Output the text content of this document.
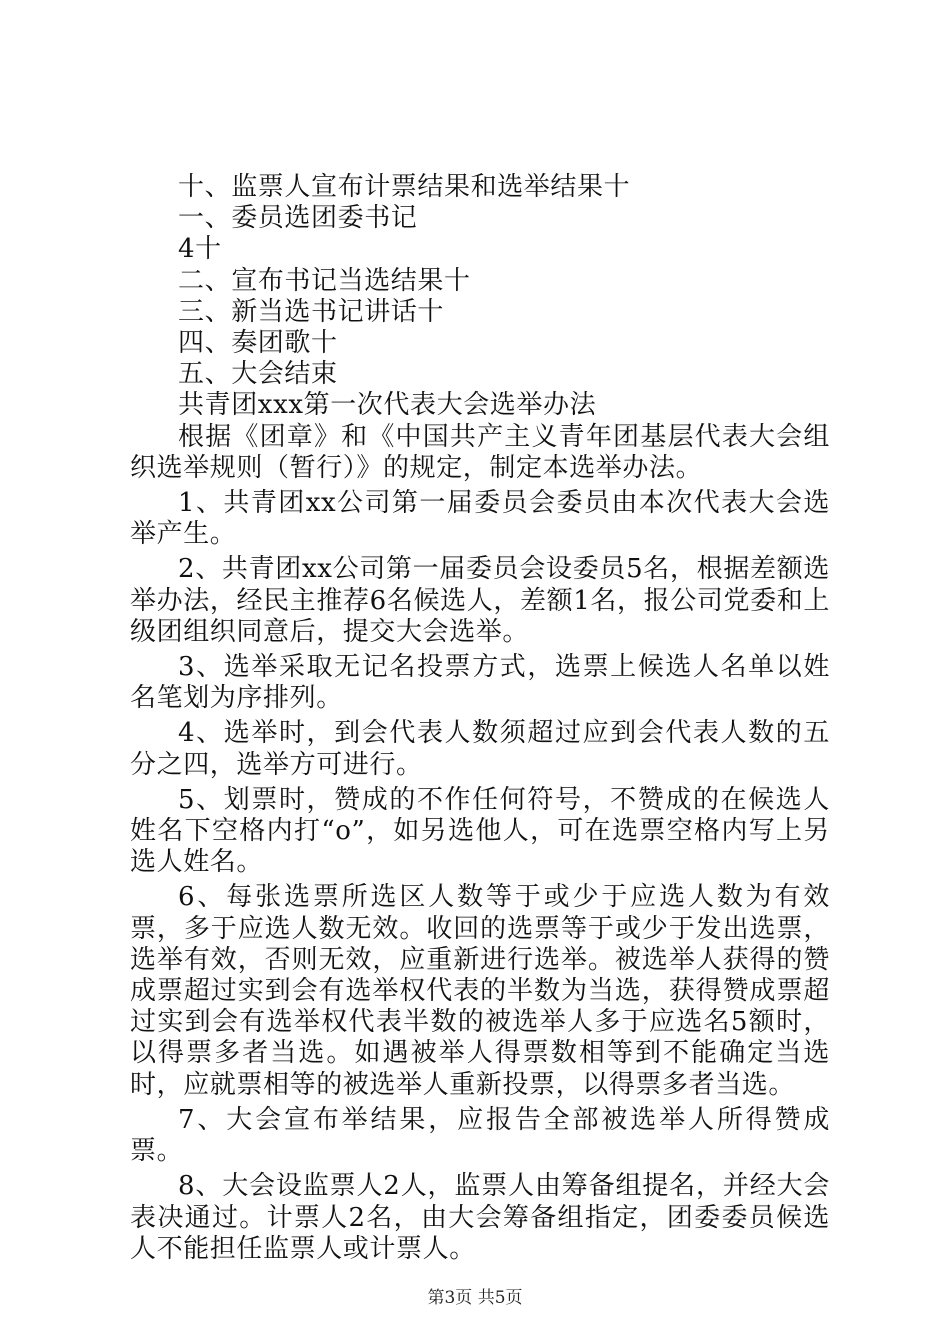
十、监票人宣布计票结果和选举结果十
一、委员选团委书记
4十
二、宣布书记当选结果十
三、新当选书记讲话十
四、奏团歌十
五、大会结束
共青团xxx第一次代表大会选举办法
根据《团章》和《中国共产主义青年团基层代表大会组织选举规则（暂行）》的规定，制定本选举办法。
1、共青团xx公司第一届委员会委员由本次代表大会选举产生。
2、共青团xx公司第一届委员会设委员5名，根据差额选举办法，经民主推荐6名候选人，差额1名，报公司党委和上级团组织同意后，提交大会选举。
3、选举采取无记名投票方式，选票上候选人名单以姓名笔划为序排列。
4、选举时，到会代表人数须超过应到会代表人数的五分之四，选举方可进行。
5、划票时，赞成的不作任何符号，不赞成的在候选人姓名下空格内打“o”，如另选他人，可在选票空格内写上另选人姓名。
6、每张选票所选区人数等于或少于应选人数为有效票，多于应选人数无效。收回的选票等于或少于发出选票，选举有效，否则无效，应重新进行选举。被选举人获得的赞成票超过实到会有选举权代表的半数为当选，获得赞成票超过实到会有选举权代表半数的被选举人多于应选名5额时，以得票多者当选。如遇被举人得票数相等到不能确定当选时，应就票相等的被选举人重新投票，以得票多者当选。
7、大会宣布举结果，应报告全部被选举人所得赞成票。
8、大会设监票人2人，监票人由筹备组提名，并经大会表决通过。计票人2名，由大会筹备组指定，团委委员候选人不能担任监票人或计票人。
第3页 共5页
